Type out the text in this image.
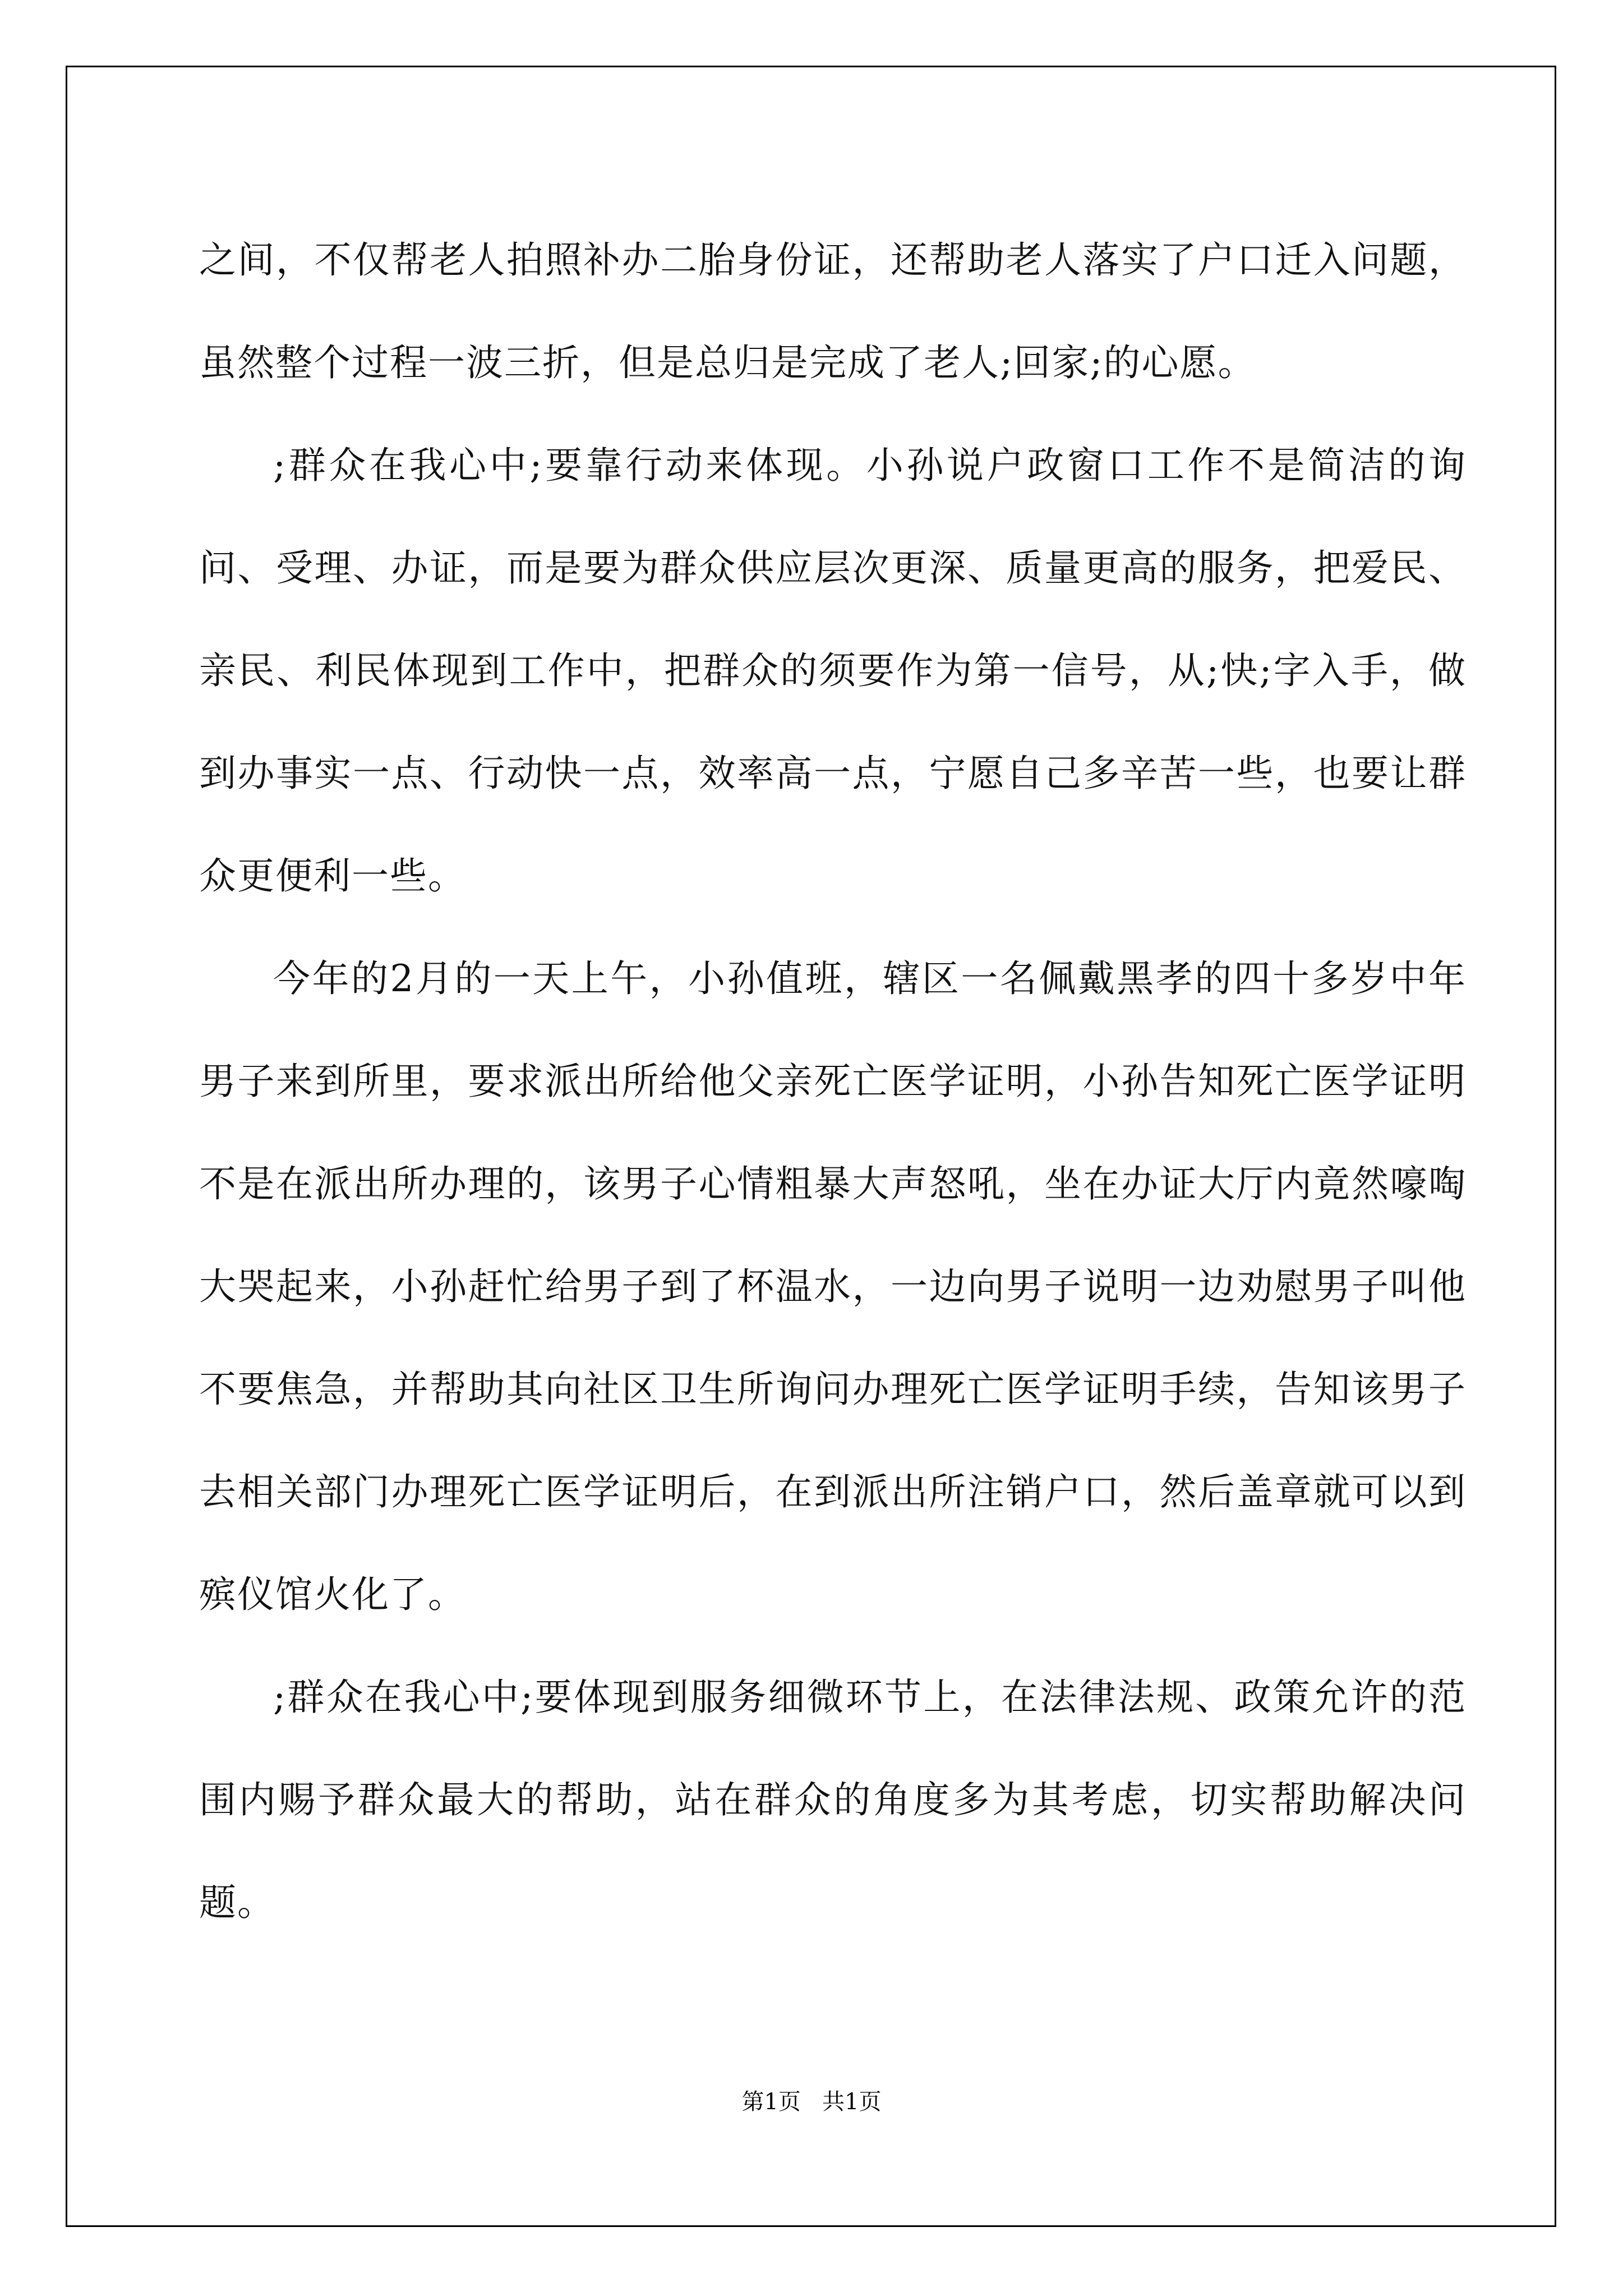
之间，不仅帮老人拍照补办二胎身份证，还帮助老人落实了户口迁入问题，虽然整个过程一波三折，但是总归是完成了老人;回家;的心愿。

;群众在我心中;要靠行动来体现。小孙说户政窗口工作不是简洁的询问、受理、办证，而是要为群众供应层次更深、质量更高的服务，把爱民、亲民、利民体现到工作中，把群众的须要作为第一信号，从;快;字入手，做到办事实一点、行动快一点，效率高一点，宁愿自己多辛苦一些，也要让群众更便利一些。

今年的2月的一天上午，小孙值班，辖区一名佩戴黑孝的四十多岁中年男子来到所里，要求派出所给他父亲死亡医学证明，小孙告知死亡医学证明不是在派出所办理的，该男子心情粗暴大声怒吼，坐在办证大厅内竟然嚎啕大哭起来，小孙赶忙给男子到了杯温水，一边向男子说明一边劝慰男子叫他不要焦急，并帮助其向社区卫生所询问办理死亡医学证明手续，告知该男子去相关部门办理死亡医学证明后，在到派出所注销户口，然后盖章就可以到殡仪馆火化了。

;群众在我心中;要体现到服务细微环节上，在法律法规、政策允许的范围内赐予群众最大的帮助，站在群众的角度多为其考虑，切实帮助解决问题。

第1页   共1页
